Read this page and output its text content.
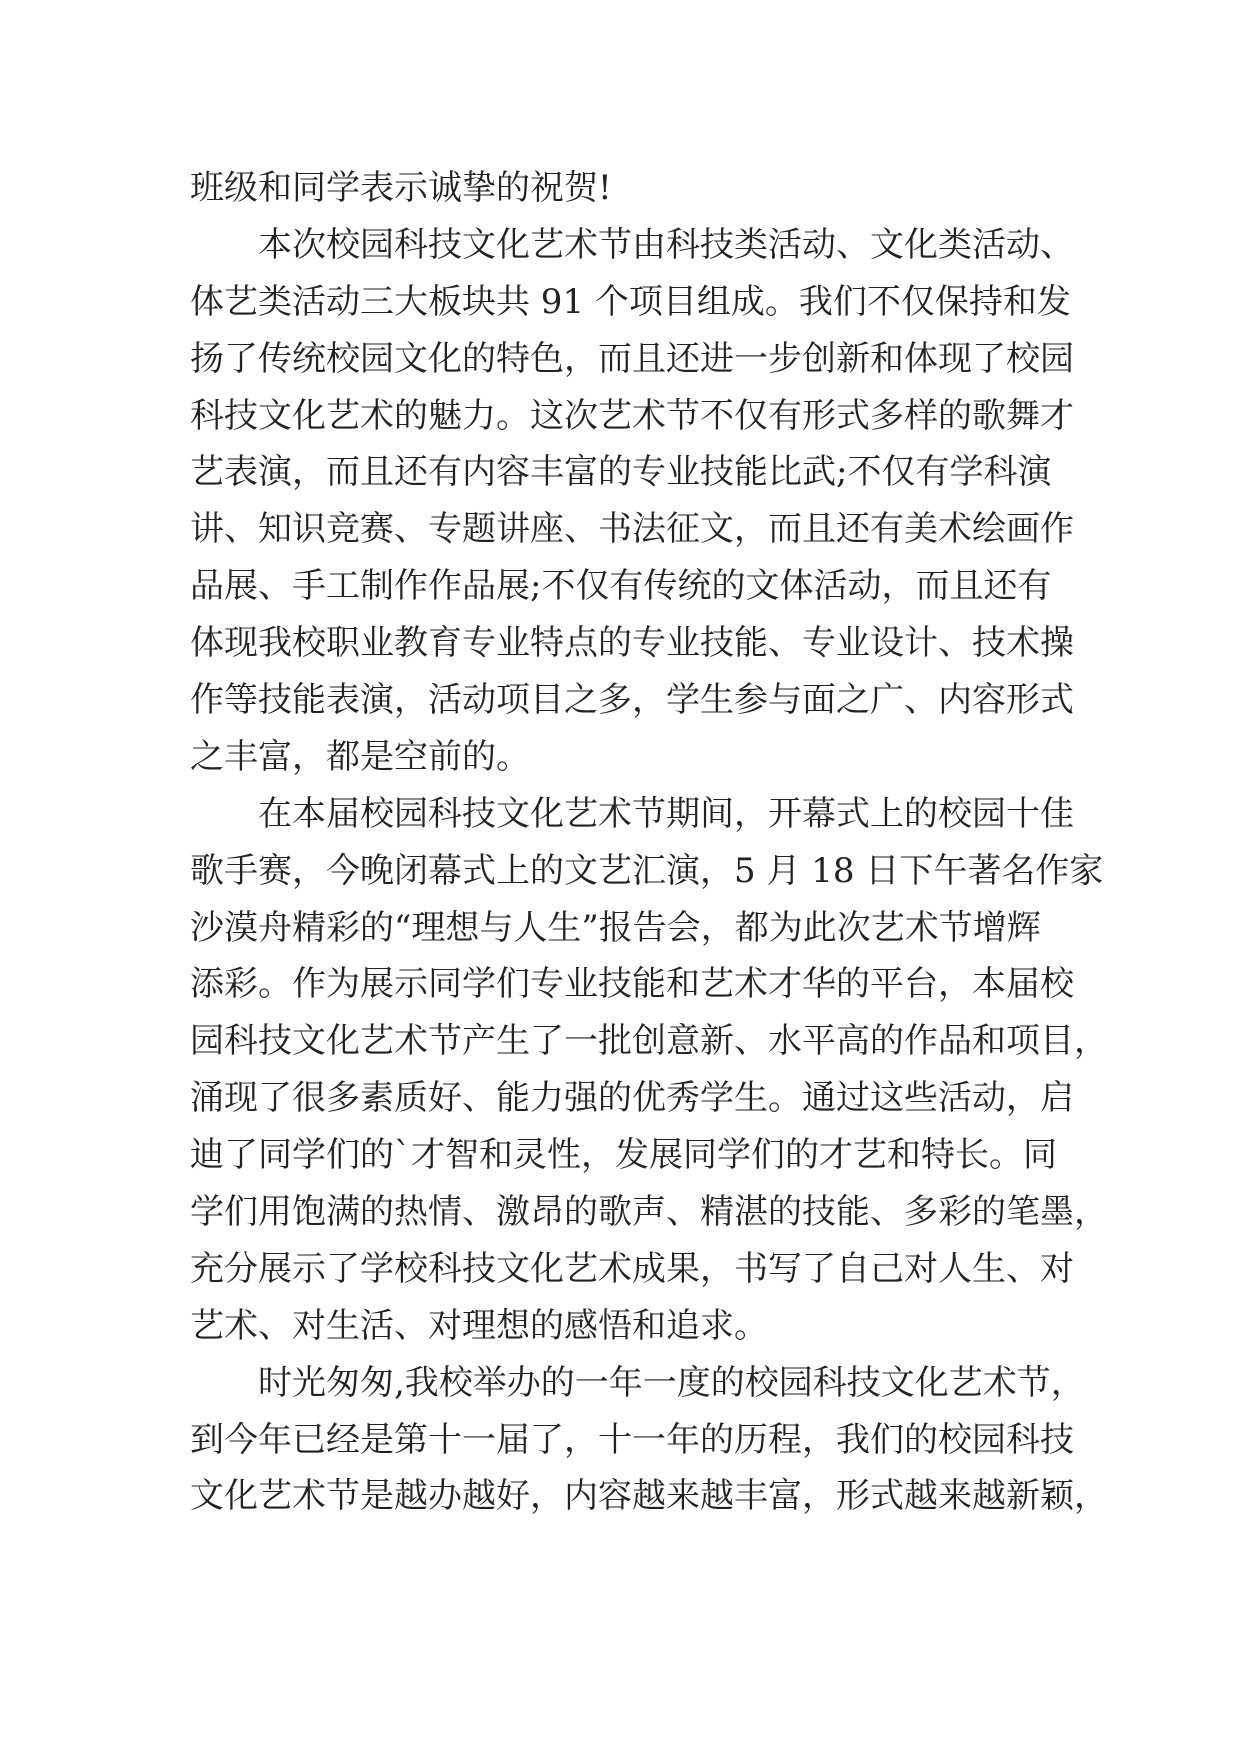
班级和同学表示诚挚的祝贺!
　　本次校园科技文化艺术节由科技类活动、文化类活动、
体艺类活动三大板块共 91 个项目组成。我们不仅保持和发
扬了传统校园文化的特色，而且还进一步创新和体现了校园
科技文化艺术的魅力。这次艺术节不仅有形式多样的歌舞才
艺表演，而且还有内容丰富的专业技能比武;不仅有学科演
讲、知识竞赛、专题讲座、书法征文，而且还有美术绘画作
品展、手工制作作品展;不仅有传统的文体活动，而且还有
体现我校职业教育专业特点的专业技能、专业设计、技术操
作等技能表演，活动项目之多，学生参与面之广、内容形式
之丰富，都是空前的。
　　在本届校园科技文化艺术节期间，开幕式上的校园十佳
歌手赛，今晚闭幕式上的文艺汇演，5 月 18 日下午著名作家
沙漠舟精彩的“理想与人生”报告会，都为此次艺术节增辉
添彩。作为展示同学们专业技能和艺术才华的平台，本届校
园科技文化艺术节产生了一批创意新、水平高的作品和项目，
涌现了很多素质好、能力强的优秀学生。通过这些活动，启
迪了同学们的`才智和灵性，发展同学们的才艺和特长。同
学们用饱满的热情、激昂的歌声、精湛的技能、多彩的笔墨，
充分展示了学校科技文化艺术成果，书写了自己对人生、对
艺术、对生活、对理想的感悟和追求。
　　时光匆匆,我校举办的一年一度的校园科技文化艺术节，
到今年已经是第十一届了，十一年的历程，我们的校园科技
文化艺术节是越办越好，内容越来越丰富，形式越来越新颖，
